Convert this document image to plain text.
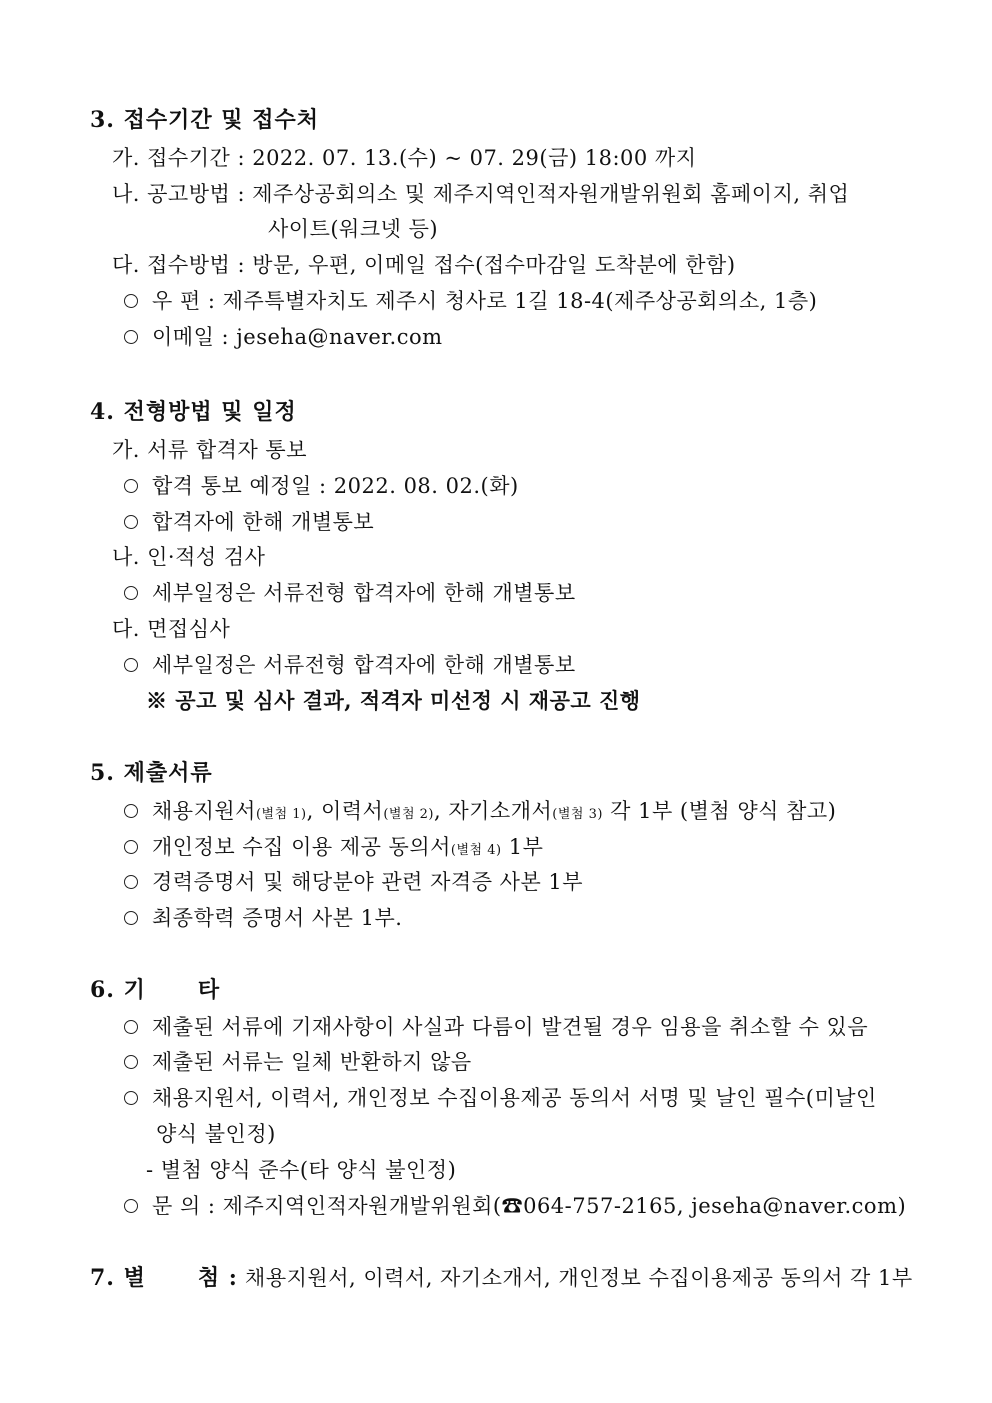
3. 접수기간 및 접수처
가. 접수기간 : 2022. 07. 13.(수) ~ 07. 29(금) 18:00 까지
나. 공고방법 : 제주상공회의소 및 제주지역인적자원개발위원회 홈페이지, 취업
사이트(워크넷 등)
다. 접수방법 : 방문, 우편, 이메일 접수(접수마감일 도착분에 한함)
우 편 : 제주특별자치도 제주시 청사로 1길 18-4(제주상공회의소, 1층)
이메일 : jeseha@naver.com
4. 전형방법 및 일정
가. 서류 합격자 통보
합격 통보 예정일 : 2022. 08. 02.(화)
합격자에 한해 개별통보
나. 인·적성 검사
세부일정은 서류전형 합격자에 한해 개별통보
다. 면접심사
세부일정은 서류전형 합격자에 한해 개별통보
※ 공고 및 심사 결과, 적격자 미선정 시 재공고 진행
5. 제출서류
채용지원서(별첨 1), 이력서(별첨 2), 자기소개서(별첨 3) 각 1부 (별첨 양식 참고)
개인정보 수집 이용 제공 동의서(별첨 4) 1부
경력증명서 및 해당분야 관련 자격증 사본 1부
최종학력 증명서 사본 1부.
6. 기      타
제출된 서류에 기재사항이 사실과 다름이 발견될 경우 임용을 취소할 수 있음
제출된 서류는 일체 반환하지 않음
채용지원서, 이력서, 개인정보 수집이용제공 동의서 서명 및 날인 필수(미날인
양식 불인정)
- 별첨 양식 준수(타 양식 불인정)
문 의 : 제주지역인적자원개발위원회(☎064-757-2165, jeseha@naver.com)
7. 별      첨 : 채용지원서, 이력서, 자기소개서, 개인정보 수집이용제공 동의서 각 1부
